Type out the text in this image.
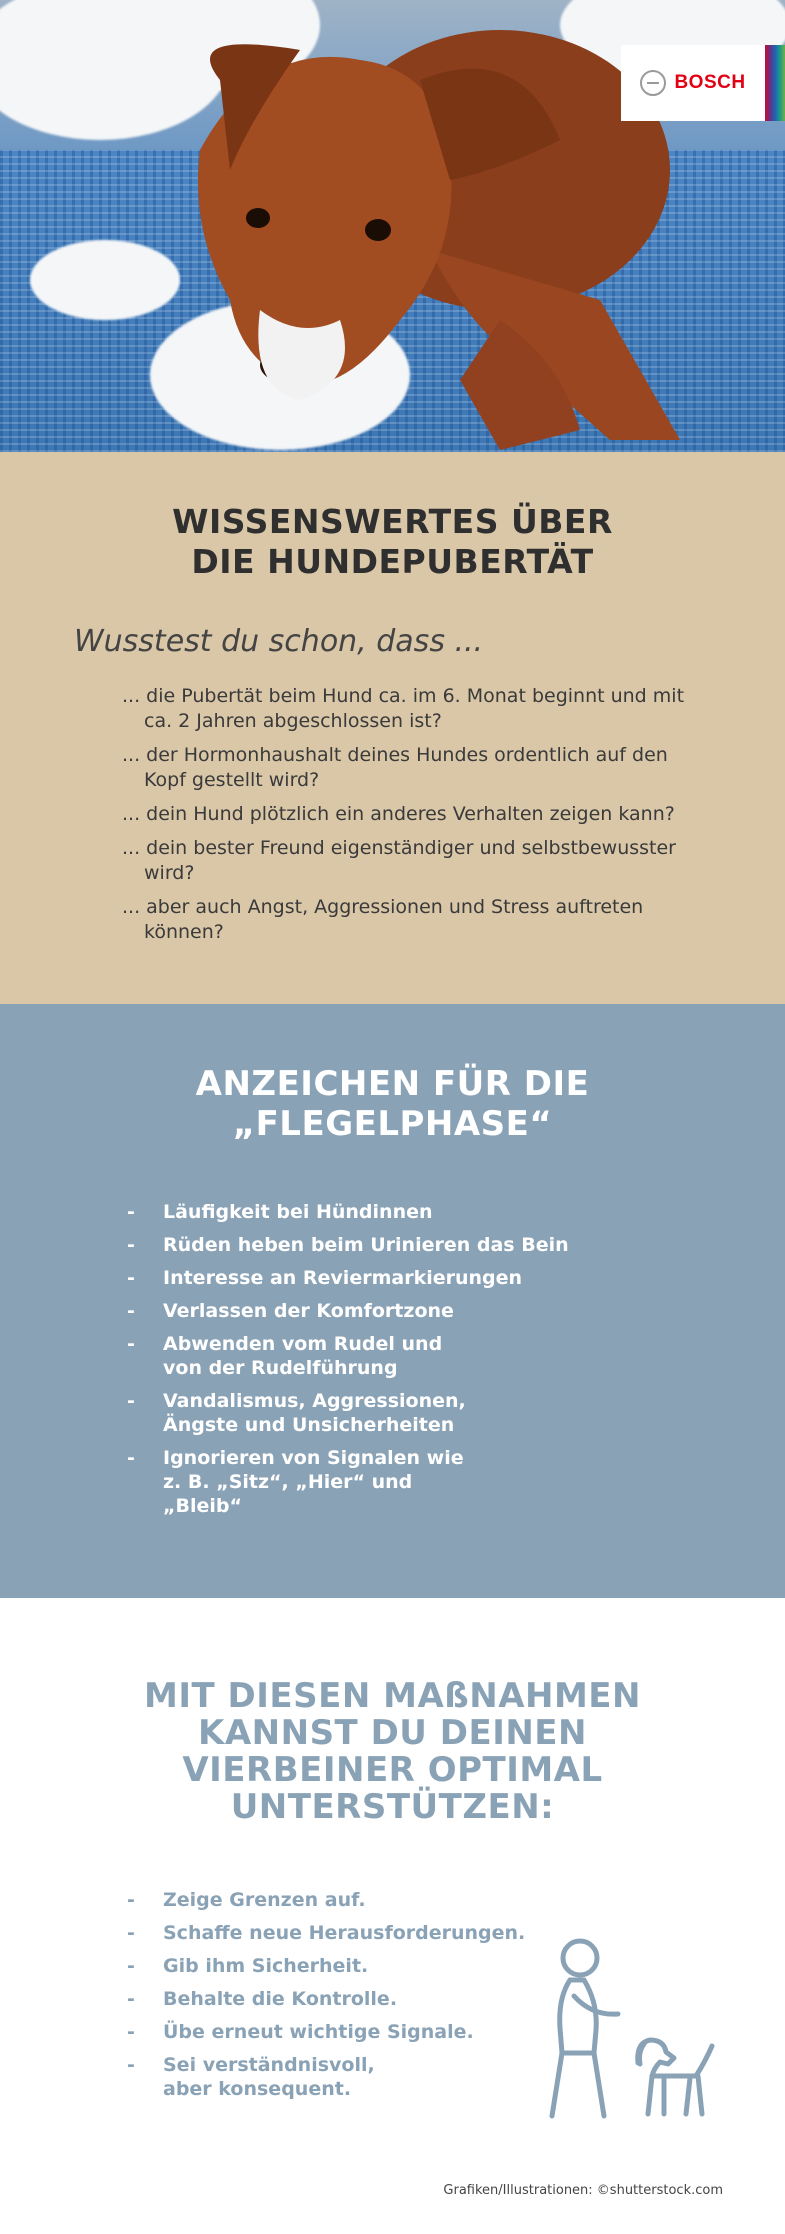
BOSCH
WISSENSWERTES ÜBER
DIE HUNDEPUBERTÄT
Wusstest du schon, dass ...
... die Pubertät beim Hund ca. im 6. Monat beginnt und mit ca. 2 Jahren abgeschlossen ist?
... der Hormonhaushalt deines Hundes ordentlich auf den Kopf gestellt wird?
... dein Hund plötzlich ein anderes Verhalten zeigen kann?
... dein bester Freund eigenständiger und selbstbewusster wird?
... aber auch Angst, Aggressionen und Stress auftreten können?
ANZEICHEN FÜR DIE
„FLEGELPHASE“
- Läufigkeit bei Hündinnen
- Rüden heben beim Urinieren das Bein
- Interesse an Reviermarkierungen
- Verlassen der Komfortzone
- Abwenden vom Rudel und von der Rudelführung
- Vandalismus, Aggressionen, Ängste und Unsicherheiten
- Ignorieren von Signalen wie z. B. „Sitz“, „Hier“ und „Bleib“
MIT DIESEN MAßNAHMEN
KANNST DU DEINEN
VIERBEINER OPTIMAL
UNTERSTÜTZEN:
- Zeige Grenzen auf.
- Schaffe neue Herausforderungen.
- Gib ihm Sicherheit.
- Behalte die Kontrolle.
- Übe erneut wichtige Signale.
- Sei verständnisvoll, aber konsequent.
Grafiken/Illustrationen: ©shutterstock.com
